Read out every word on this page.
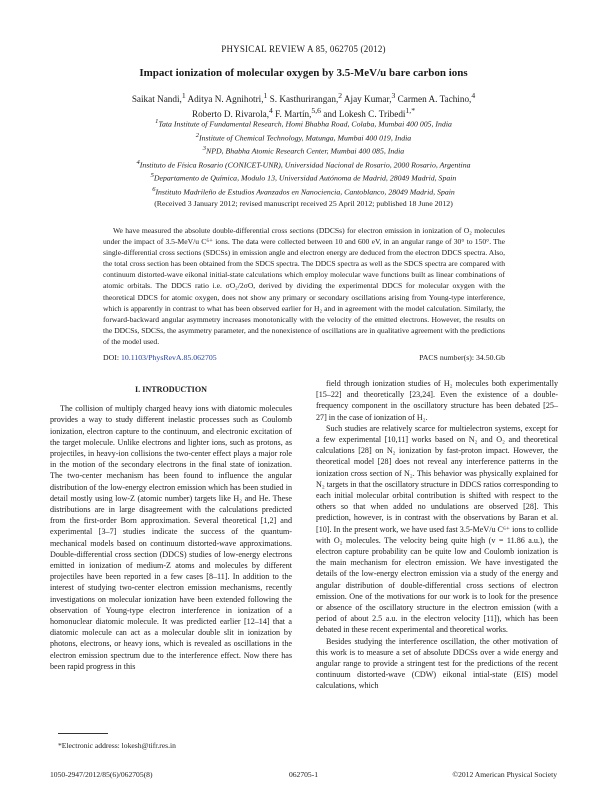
PHYSICAL REVIEW A 85, 062705 (2012)
Impact ionization of molecular oxygen by 3.5-MeV/u bare carbon ions
Saikat Nandi,$^1$ Aditya N. Agnihotri,$^1$ S. Kasthurirangan,$^2$ Ajay Kumar,$^3$ Carmen A. Tachino,$^4$
Roberto D. Rivarola,$^4$ F. Martín,$^{5,6}$ and Lokesh C. Tribedi$^{1,*}$
$^1$Tata Institute of Fundamental Research, Homi Bhabha Road, Colaba, Mumbai 400 005, India
$^2$Institute of Chemical Technology, Matunga, Mumbai 400 019, India
$^3$NPD, Bhabha Atomic Research Center, Mumbai 400 085, India
$^4$Instituto de Física Rosario (CONICET-UNR), Universidad Nacional de Rosario, 2000 Rosario, Argentina
$^5$Departamento de Química, Modulo 13, Universidad Autónoma de Madrid, 28049 Madrid, Spain
$^6$Instituto Madrileño de Estudios Avanzados en Nanociencia, Cantoblanco, 28049 Madrid, Spain
(Received 3 January 2012; revised manuscript received 25 April 2012; published 18 June 2012)
We have measured the absolute double-differential cross sections (DDCSs) for electron emission in ionization of O₂ molecules under the impact of 3.5-MeV/u C⁶⁺ ions. The data were collected between 10 and 600 eV, in an angular range of 30° to 150°. The single-differential cross sections (SDCSs) in emission angle and electron energy are deduced from the electron DDCS spectra. Also, the total cross section has been obtained from the SDCS spectra. The DDCS spectra as well as the SDCS spectra are compared with continuum distorted-wave eikonal initial-state calculations which employ molecular wave functions built as linear combinations of atomic orbitals. The DDCS ratio i.e. σO₂/2σO, derived by dividing the experimental DDCS for molecular oxygen with the theoretical DDCS for atomic oxygen, does not show any primary or secondary oscillations arising from Young-type interference, which is apparently in contrast to what has been observed earlier for H₂ and in agreement with the model calculation. Similarly, the forward-backward angular asymmetry increases monotonically with the velocity of the emitted electrons. However, the results on the DDCSs, SDCSs, the asymmetry parameter, and the nonexistence of oscillations are in qualitative agreement with the predictions of the model used.
DOI: 10.1103/PhysRevA.85.062705	PACS number(s): 34.50.Gb

I. INTRODUCTION

The collision of multiply charged heavy ions with diatomic molecules provides a way to study different inelastic processes such as Coulomb ionization, electron capture to the continuum, and electronic excitation of the target molecule. Unlike electrons and lighter ions, such as protons, as projectiles, in heavy-ion collisions the two-center effect plays a major role in the motion of the secondary electrons in the final state of ionization. The two-center mechanism has been found to influence the angular distribution of the low-energy electron emission which has been studied in detail mostly using low-Z (atomic number) targets like H₂ and He. These distributions are in large disagreement with the calculations predicted from the first-order Born approximation. Several theoretical [1,2] and experimental [3–7] studies indicate the success of the quantum-mechanical models based on continuum distorted-wave approximations. Double-differential cross section (DDCS) studies of low-energy electrons emitted in ionization of medium-Z atoms and molecules by different projectiles have been reported in a few cases [8–11]. In addition to the interest of studying two-center electron emission mechanisms, recently investigations on molecular ionization have been extended following the observation of Young-type electron interference in ionization of a homonuclear diatomic molecule. It was predicted earlier [12–14] that a diatomic molecule can act as a molecular double slit in ionization by photons, electrons, or heavy ions, which is revealed as oscillations in the electron emission spectrum due to the interference effect. Now there has been rapid progress in this

field through ionization studies of H₂ molecules both experimentally [15–22] and theoretically [23,24]. Even the existence of a double-frequency component in the oscillatory structure has been debated [25–27] in the case of ionization of H₂.

Such studies are relatively scarce for multielectron systems, except for a few experimental [10,11] works based on N₂ and O₂ and theoretical calculations [28] on N₂ ionization by fast-proton impact. However, the theoretical model [28] does not reveal any interference patterns in the ionization cross section of N₂. This behavior was physically explained for N₂ targets in that the oscillatory structure in DDCS ratios corresponding to each initial molecular orbital contribution is shifted with respect to the others so that when added no undulations are observed [28]. This prediction, however, is in contrast with the observations by Baran et al. [10]. In the present work, we have used fast 3.5-MeV/u C⁶⁺ ions to collide with O₂ molecules. The velocity being quite high (v = 11.86 a.u.), the electron capture probability can be quite low and Coulomb ionization is the main mechanism for electron emission. We have investigated the details of the low-energy electron emission via a study of the energy and angular distribution of double-differential cross sections of electron emission. One of the motivations for our work is to look for the presence or absence of the oscillatory structure in the electron emission (with a period of about 2.5 a.u. in the electron velocity [11]), which has been debated in these recent experimental and theoretical works.

Besides studying the interference oscillation, the other motivation of this work is to measure a set of absolute DDCSs over a wide energy and angular range to provide a stringent test for the predictions of the recent continuum distorted-wave (CDW) eikonal intial-state (EIS) model calculations, which

*Electronic address: lokesh@tifr.res.in
1050-2947/2012/85(6)/062705(8)	062705-1	©2012 American Physical Society
